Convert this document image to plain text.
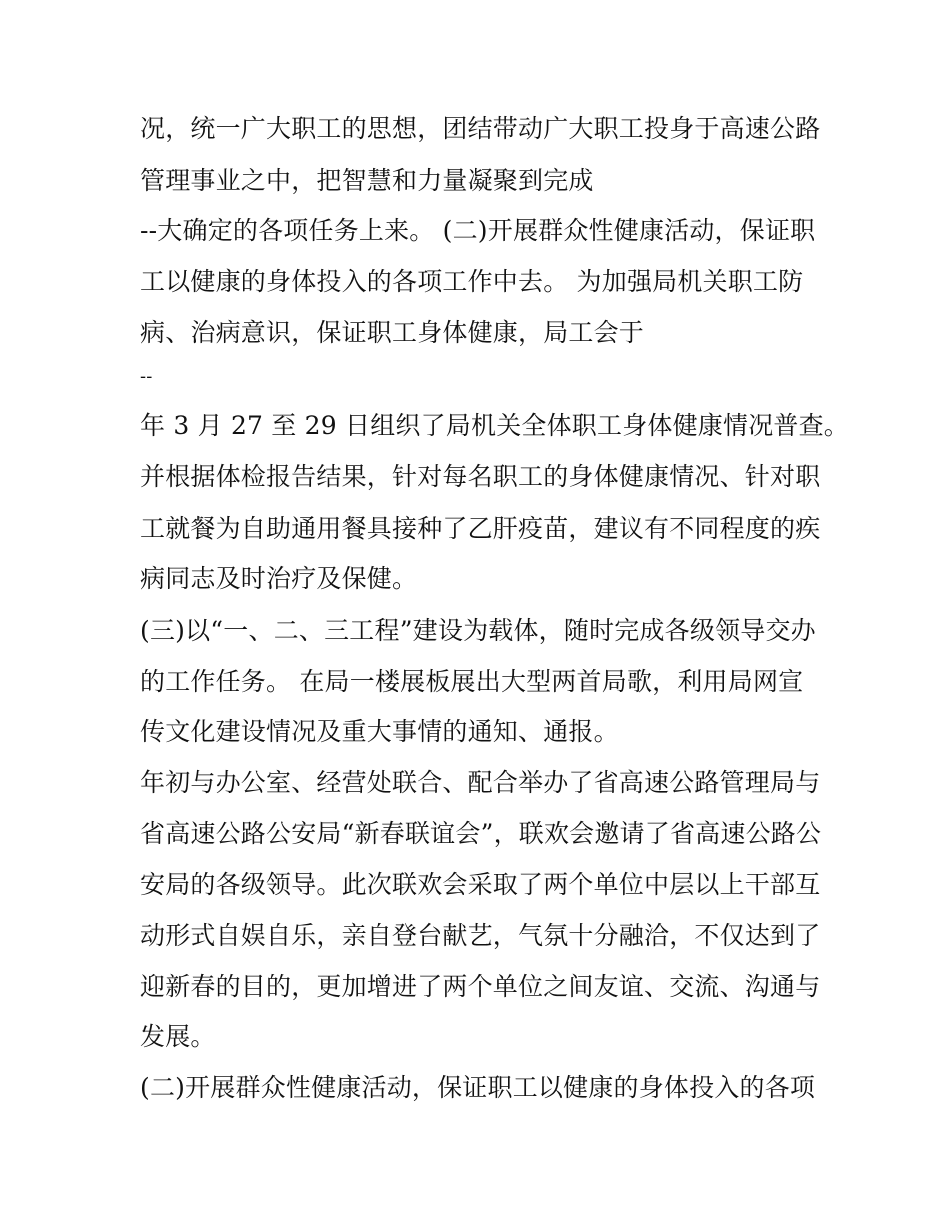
况，统一广大职工的思想，团结带动广大职工投身于高速公路
管理事业之中，把智慧和力量凝聚到完成
--大确定的各项任务上来。 (二)开展群众性健康活动，保证职
工以健康的身体投入的各项工作中去。 为加强局机关职工防
病、治病意识，保证职工身体健康，局工会于
--
年 3 月 27 至 29 日组织了局机关全体职工身体健康情况普查。
并根据体检报告结果，针对每名职工的身体健康情况、针对职
工就餐为自助通用餐具接种了乙肝疫苗，建议有不同程度的疾
病同志及时治疗及保健。
(三)以“一、二、三工程”建设为载体，随时完成各级领导交办
的工作任务。 在局一楼展板展出大型两首局歌，利用局网宣
传文化建设情况及重大事情的通知、通报。
年初与办公室、经营处联合、配合举办了省高速公路管理局与
省高速公路公安局“新春联谊会”，联欢会邀请了省高速公路公
安局的各级领导。此次联欢会采取了两个单位中层以上干部互
动形式自娱自乐，亲自登台献艺，气氛十分融洽，不仅达到了
迎新春的目的，更加增进了两个单位之间友谊、交流、沟通与
发展。
(二)开展群众性健康活动，保证职工以健康的身体投入的各项
